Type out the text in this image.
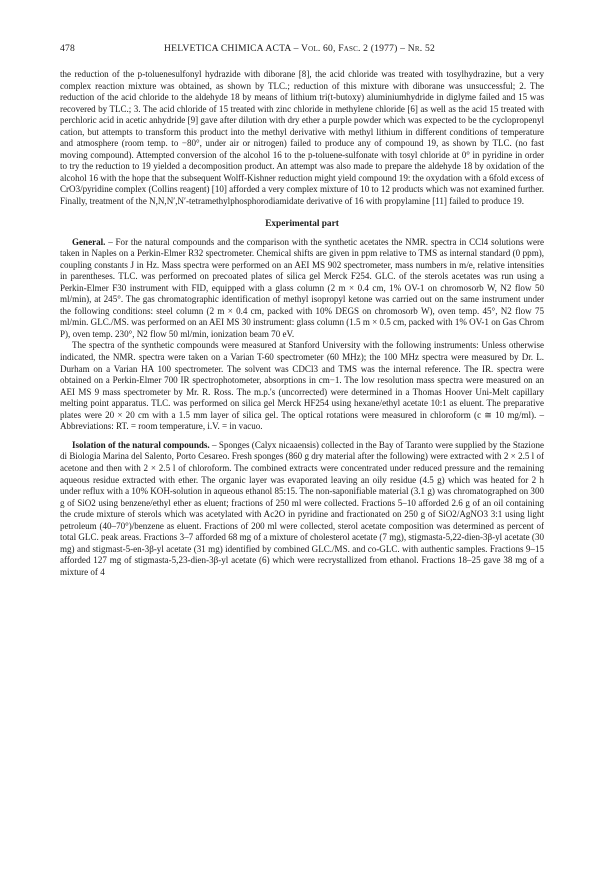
478	HELVETICA CHIMICA ACTA – Vol. 60, Fasc. 2 (1977) – Nr. 52

the reduction of the p-toluenesulfonyl hydrazide with diborane [8], the acid chloride was treated with tosylhydrazine, but a very complex reaction mixture was obtained, as shown by TLC.; reduction of this mixture with diborane was unsuccessful; 2. The reduction of the acid chloride to the aldehyde 18 by means of lithium tri(t-butoxy) aluminiumhydride in diglyme failed and 15 was recovered by TLC.; 3. The acid chloride of 15 treated with zinc chloride in methylene chloride [6] as well as the acid 15 treated with perchloric acid in acetic anhydride [9] gave after dilution with dry ether a purple powder which was expected to be the cyclopropenyl cation, but attempts to transform this product into the methyl derivative with methyl lithium in different conditions of temperature and atmosphere (room temp. to −80°, under air or nitrogen) failed to produce any of compound 19, as shown by TLC. (no fast moving compound). Attempted conversion of the alcohol 16 to the p-toluene-sulfonate with tosyl chloride at 0° in pyridine in order to try the reduction to 19 yielded a decomposition product. An attempt was also made to prepare the aldehyde 18 by oxidation of the alcohol 16 with the hope that the subsequent Wolff-Kishner reduction might yield compound 19: the oxydation with a 6fold excess of CrO3/pyridine complex (Collins reagent) [10] afforded a very complex mixture of 10 to 12 products which was not examined further. Finally, treatment of the N,N,N′,N′-tetramethylphosphorodiamidate derivative of 16 with propylamine [11] failed to produce 19.

Experimental part

General. – For the natural compounds and the comparison with the synthetic acetates the NMR. spectra in CCl4 solutions were taken in Naples on a Perkin-Elmer R32 spectrometer. Chemical shifts are given in ppm relative to TMS as internal standard (0 ppm), coupling constants J in Hz. Mass spectra were performed on an AEI MS 902 spectrometer, mass numbers in m/e, relative intensities in parentheses. TLC. was performed on precoated plates of silica gel Merck F254. GLC. of the sterols acetates was run using a Perkin-Elmer F30 instrument with FID, equipped with a glass column (2 m × 0.4 cm, 1% OV-1 on chromosorb W, N2 flow 50 ml/min), at 245°. The gas chromatographic identification of methyl isopropyl ketone was carried out on the same instrument under the following conditions: steel column (2 m × 0.4 cm, packed with 10% DEGS on chromosorb W), oven temp. 45°, N2 flow 75 ml/min. GLC./MS. was performed on an AEI MS 30 instrument: glass column (1.5 m × 0.5 cm, packed with 1% OV-1 on Gas Chrom P), oven temp. 230°, N2 flow 50 ml/min, ionization beam 70 eV.

The spectra of the synthetic compounds were measured at Stanford University with the following instruments: Unless otherwise indicated, the NMR. spectra were taken on a Varian T-60 spectrometer (60 MHz); the 100 MHz spectra were measured by Dr. L. Durham on a Varian HA 100 spectrometer. The solvent was CDCl3 and TMS was the internal reference. The IR. spectra were obtained on a Perkin-Elmer 700 IR spectrophotometer, absorptions in cm−1. The low resolution mass spectra were measured on an AEI MS 9 mass spectrometer by Mr. R. Ross. The m.p.'s (uncorrected) were determined in a Thomas Hoover Uni-Melt capillary melting point apparatus. TLC. was performed on silica gel Merck HF254 using hexane/ethyl acetate 10:1 as eluent. The preparative plates were 20 × 20 cm with a 1.5 mm layer of silica gel. The optical rotations were measured in chloroform (c ≅ 10 mg/ml). – Abbreviations: RT. = room temperature, i.V. = in vacuo.

Isolation of the natural compounds. – Sponges (Calyx nicaaensis) collected in the Bay of Taranto were supplied by the Stazione di Biologia Marina del Salento, Porto Cesareo. Fresh sponges (860 g dry material after the following) were extracted with 2 × 2.5 l of acetone and then with 2 × 2.5 l of chloroform. The combined extracts were concentrated under reduced pressure and the remaining aqueous residue extracted with ether. The organic layer was evaporated leaving an oily residue (4.5 g) which was heated for 2 h under reflux with a 10% KOH-solution in aqueous ethanol 85:15. The non-saponifiable material (3.1 g) was chromatographed on 300 g of SiO2 using benzene/ethyl ether as eluent; fractions of 250 ml were collected. Fractions 5–10 afforded 2.6 g of an oil containing the crude mixture of sterols which was acetylated with Ac2O in pyridine and fractionated on 250 g of SiO2/AgNO3 3:1 using light petroleum (40–70°)/benzene as eluent. Fractions of 200 ml were collected, sterol acetate composition was determined as percent of total GLC. peak areas. Fractions 3–7 afforded 68 mg of a mixture of cholesterol acetate (7 mg), stigmasta-5,22-dien-3β-yl acetate (30 mg) and stigmast-5-en-3β-yl acetate (31 mg) identified by combined GLC./MS. and co-GLC. with authentic samples. Fractions 9–15 afforded 127 mg of stigmasta-5,23-dien-3β-yl acetate (6) which were recrystallized from ethanol. Fractions 18–25 gave 38 mg of a mixture of 4
